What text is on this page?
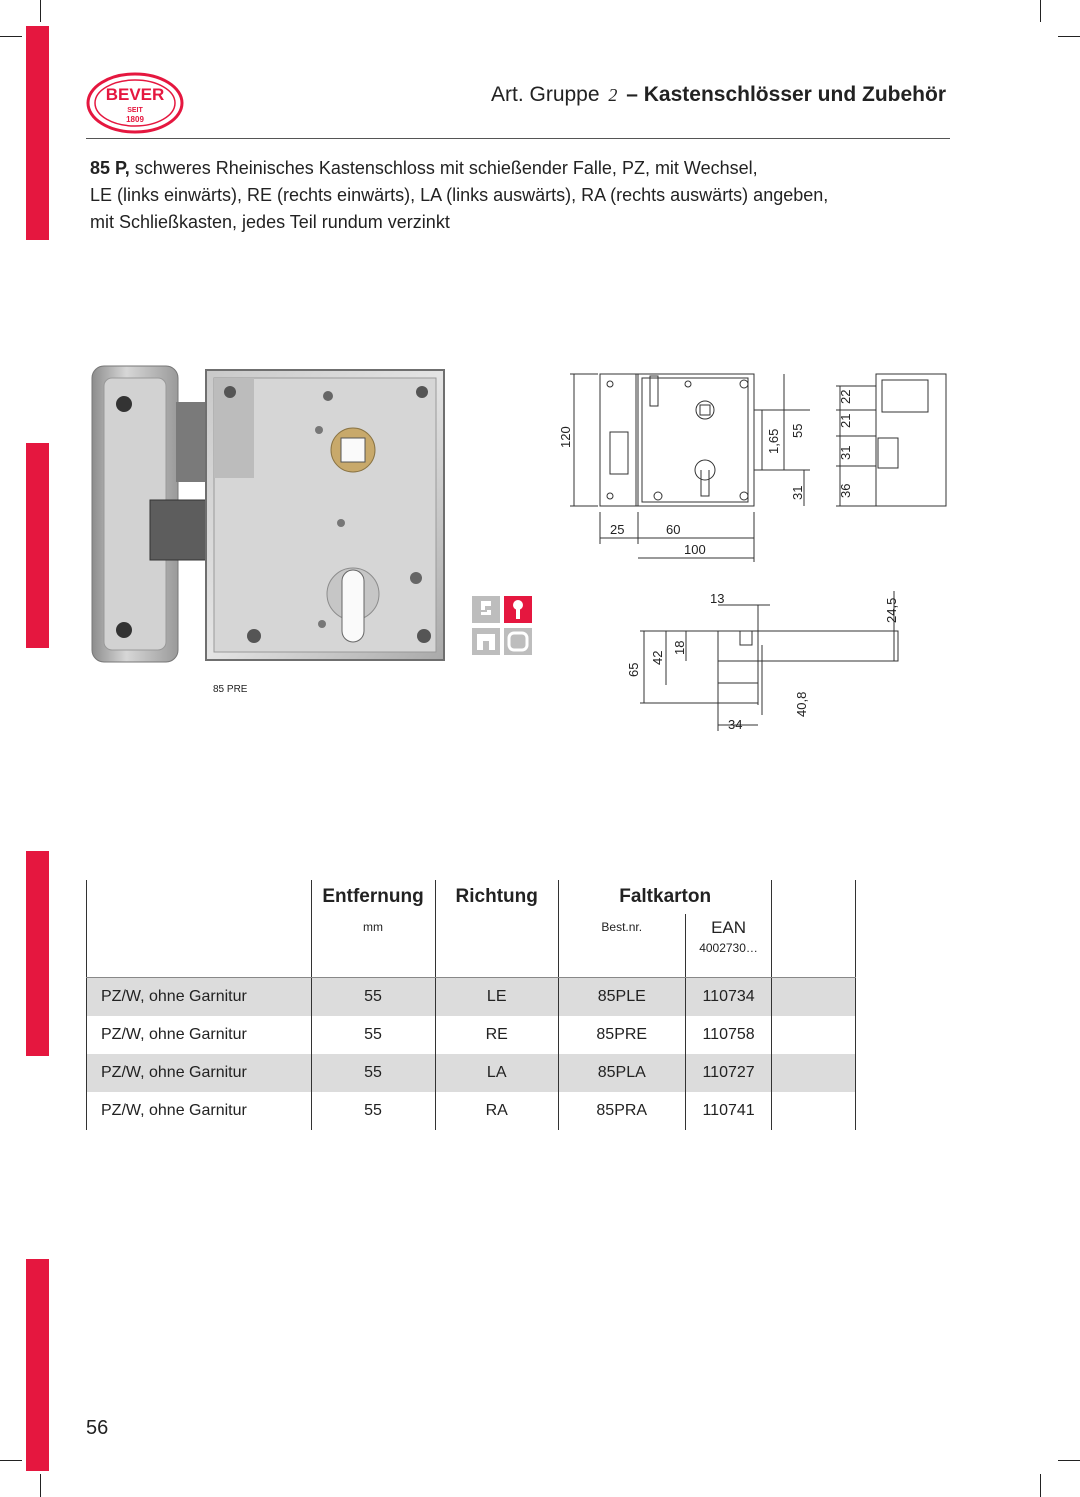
BEVER
SEIT
1809
Art. Gruppe 2 – Kastenschlösser und Zubehör
85 P, schweres Rheinisches Kastenschloss mit schießender Falle, PZ, mit Wechsel,
LE (links einwärts), RE (rechts einwärts), LA (links auswärts), RA (rechts auswärts) angeben,
mit Schließkasten, jedes Teil rundum verzinkt
85 PRE
120
25	60
100
1,65 55
31
22
21
31
36
13	24,5
65
42
18
40,8
34
	Entfernung	Richtung	Faltkarton		
	mm		Best.nr.	EAN
4002730…	

PZ/W, ohne Garnitur	55	LE	85PLE	110734	
PZ/W, ohne Garnitur	55	RE	85PRE	110758	
PZ/W, ohne Garnitur	55	LA	85PLA	110727	
PZ/W, ohne Garnitur	55	RA	85PRA	110741	
56
